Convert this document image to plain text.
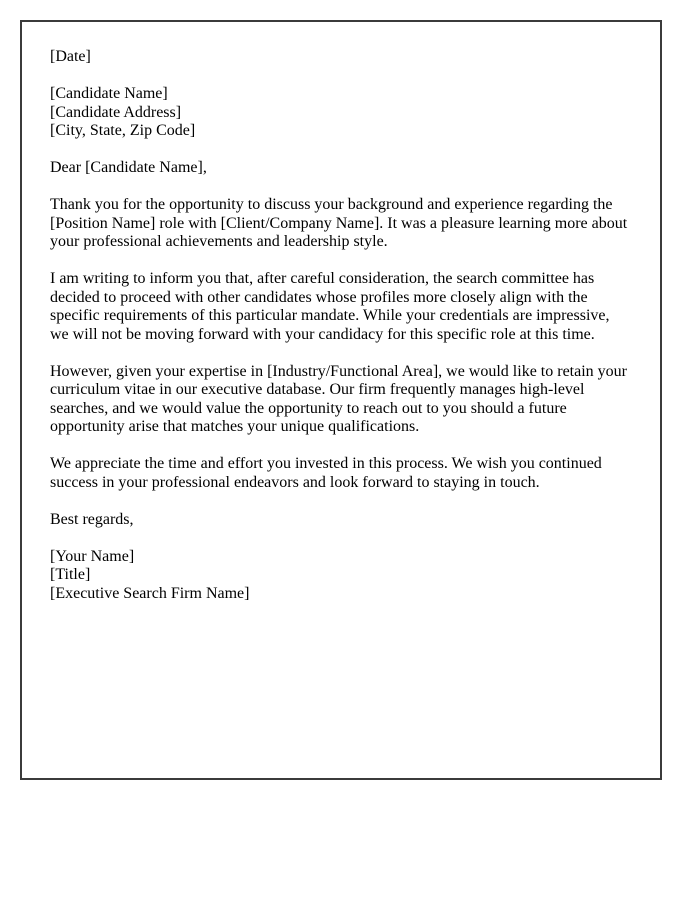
[Date]

[Candidate Name]
[Candidate Address]
[City, State, Zip Code]

Dear [Candidate Name],

Thank you for the opportunity to discuss your background and experience regarding the [Position Name] role with [Client/Company Name]. It was a pleasure learning more about your professional achievements and leadership style.

I am writing to inform you that, after careful consideration, the search committee has decided to proceed with other candidates whose profiles more closely align with the specific requirements of this particular mandate. While your credentials are impressive, we will not be moving forward with your candidacy for this specific role at this time.

However, given your expertise in [Industry/Functional Area], we would like to retain your curriculum vitae in our executive database. Our firm frequently manages high-level searches, and we would value the opportunity to reach out to you should a future opportunity arise that matches your unique qualifications.

We appreciate the time and effort you invested in this process. We wish you continued success in your professional endeavors and look forward to staying in touch.

Best regards,

[Your Name]
[Title]
[Executive Search Firm Name]
